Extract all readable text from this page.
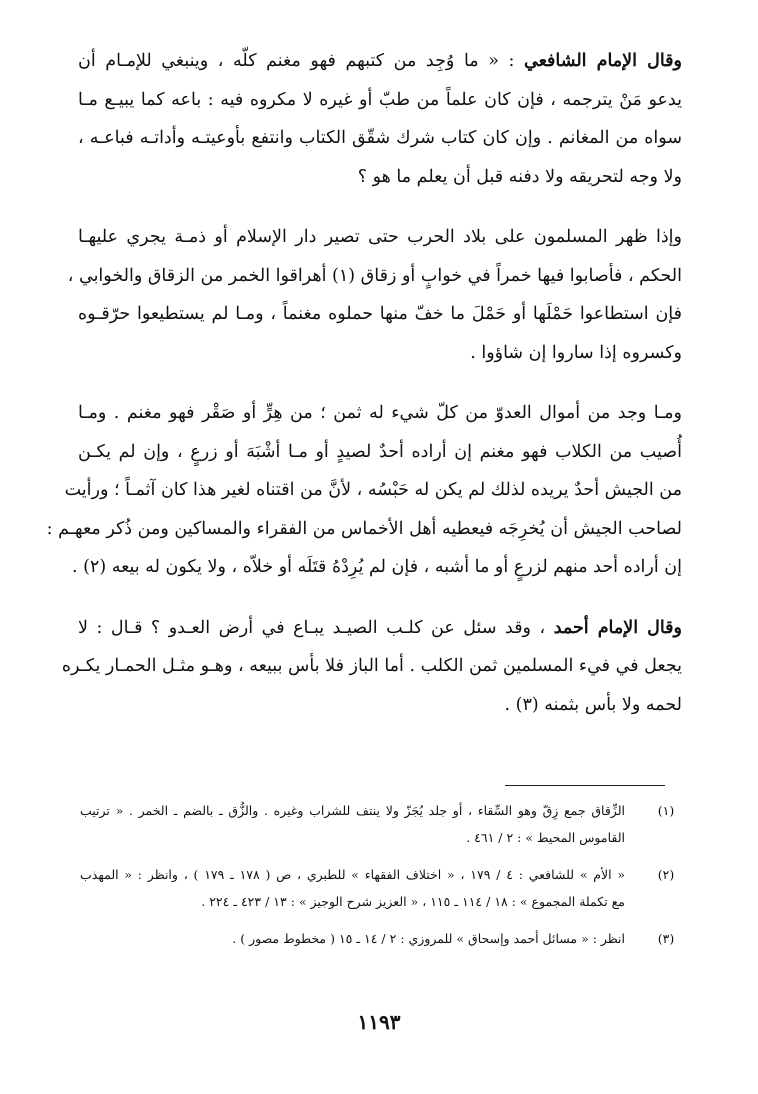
وقال الإمام الشافعي : « ما وُجِد من كتبهم فهو مغنم كلّه ، وينبغي للإمـام أن
يدعو مَنْ يترجمه ، فإن كان علماً من طبّ أو غيره لا مكروه فيه : باعه كما يبيـع مـا
سواه من المغانم . وإن كان كتاب شرك شقّق الكتاب وانتفع بأوعيتـه وأداتـه فباعـه ،
ولا وجه لتحريقه ولا دفنه قبل أن يعلم ما هو ؟

وإذا ظهر المسلمون على بلاد الحرب حتى تصير دار الإسلام أو ذمـة يجري عليهـا
الحكم ، فأصابوا فيها خمراً في خوابٍ أو زقاق (١) أهراقوا الخمر من الزقاق والخوابي ،
فإن استطاعوا حَمْلَها أو حَمْلَ ما خفّ منها حملوه مغنماً ، ومـا لم يستطيعوا حرّقـوه
وكسروه إذا ساروا إن شاؤوا .

ومـا وجد من أموال العدوّ من كلّ شيء له ثمن ؛ من هِرٍّ أو صَقْر فهو مغنم . ومـا
أُصيب من الكلاب فهو مغنم إن أراده أحدٌ لصيدٍ أو مـا أشْبَهَ أو زرعٍ ، وإن لم يكـن
من الجيش أحدٌ يريده لذلك لم يكن له حَبْسُه ، لأنَّ من اقتناه لغير هذا كان آثمـاً ؛ ورأيت
لصاحب الجيش أن يُخرِجَه فيعطيه أهل الأخماس من الفقراء والمساكين ومن ذُكر معهـم :
إن أراده أحد منهم لزرعٍ أو ما أشبه ، فإن لم يُرِدْهُ قتَلَه أو خلاّه ، ولا يكون له بيعه (٢) .

وقال الإمام أحمد ، وقد سئل عن كلـب الصيـد يبـاع في أرض العـدو ؟ قـال : لا
يجعل في فيء المسلمين ثمن الكلب . أما الباز فلا بأس ببيعه ، وهـو مثـل الحمـار يكـره
لحمه ولا بأس بثمنه (٣) .

(١)
الزِّقاق جمع زِقّ وهو السِّقاء ، أو جلد يُجَزّ ولا ينتف للشراب وغيره . والزُّق ـ بالضم ـ الخمر . « ترتيب
القاموس المحيط » : ٢ / ٤٦١ .
(٢)
« الأم » للشافعي : ٤ / ١٧٩ ، « اختلاف الفقهاء » للطبري ، ص ( ١٧٨ ـ ١٧٩ ) ، وانظر : « المهذب
مع تكملة المجموع » : ١٨ / ١١٤ ـ ١١٥ ، « العزيز شرح الوجيز » : ١٣ / ٤٢٣ ـ ٢٢٤ .
(٣)
انظر : « مسائل أحمد وإسحاق » للمروزي : ٢ / ١٤ ـ ١٥ ( مخطوط مصور ) .
١١٩٣
